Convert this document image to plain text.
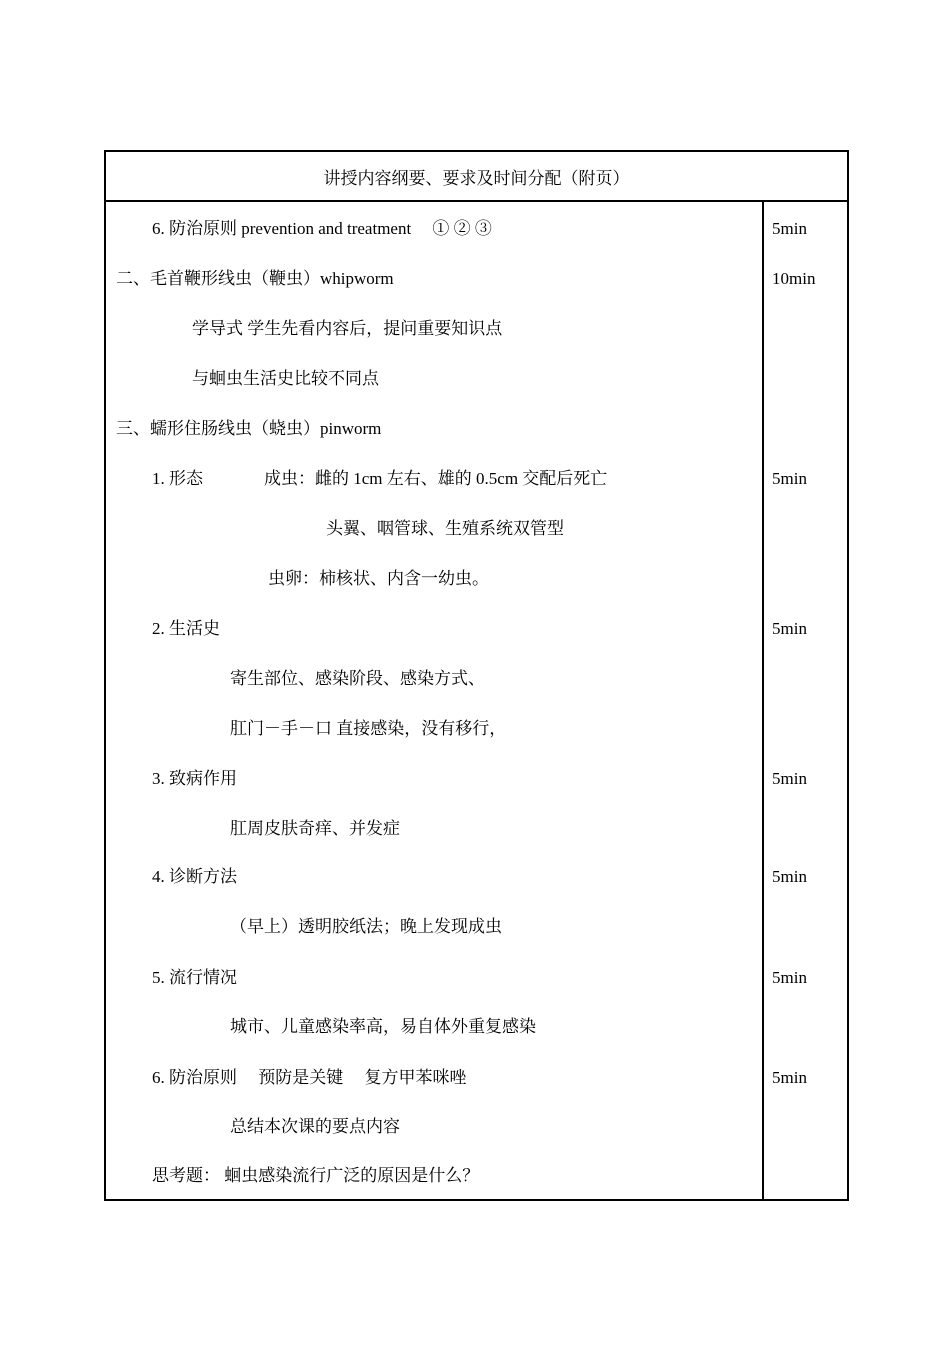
讲授内容纲要、要求及时间分配（附页）
6. 防治原则 prevention and treatment　 ① ② ③	5min
二、毛首鞭形线虫（鞭虫）whipworm	10min
学导式 学生先看内容后，提问重要知识点
与蛔虫生活史比较不同点
三、蠕形住肠线虫（蛲虫）pinworm
1. 形态	成虫：雌的 1cm 左右、雄的 0.5cm 交配后死亡	5min
头翼、咽管球、生殖系统双管型
虫卵：柿核状、内含一幼虫。
2. 生活史	5min
寄生部位、感染阶段、感染方式、
肛门－手－口 直接感染，没有移行，
3. 致病作用	5min
肛周皮肤奇痒、并发症
4. 诊断方法	5min
（早上）透明胶纸法；晚上发现成虫
5. 流行情况	5min
城市、儿童感染率高，易自体外重复感染
6. 防治原则　 预防是关键　 复方甲苯咪唑	5min
总结本次课的要点内容
思考题： 蛔虫感染流行广泛的原因是什么？
